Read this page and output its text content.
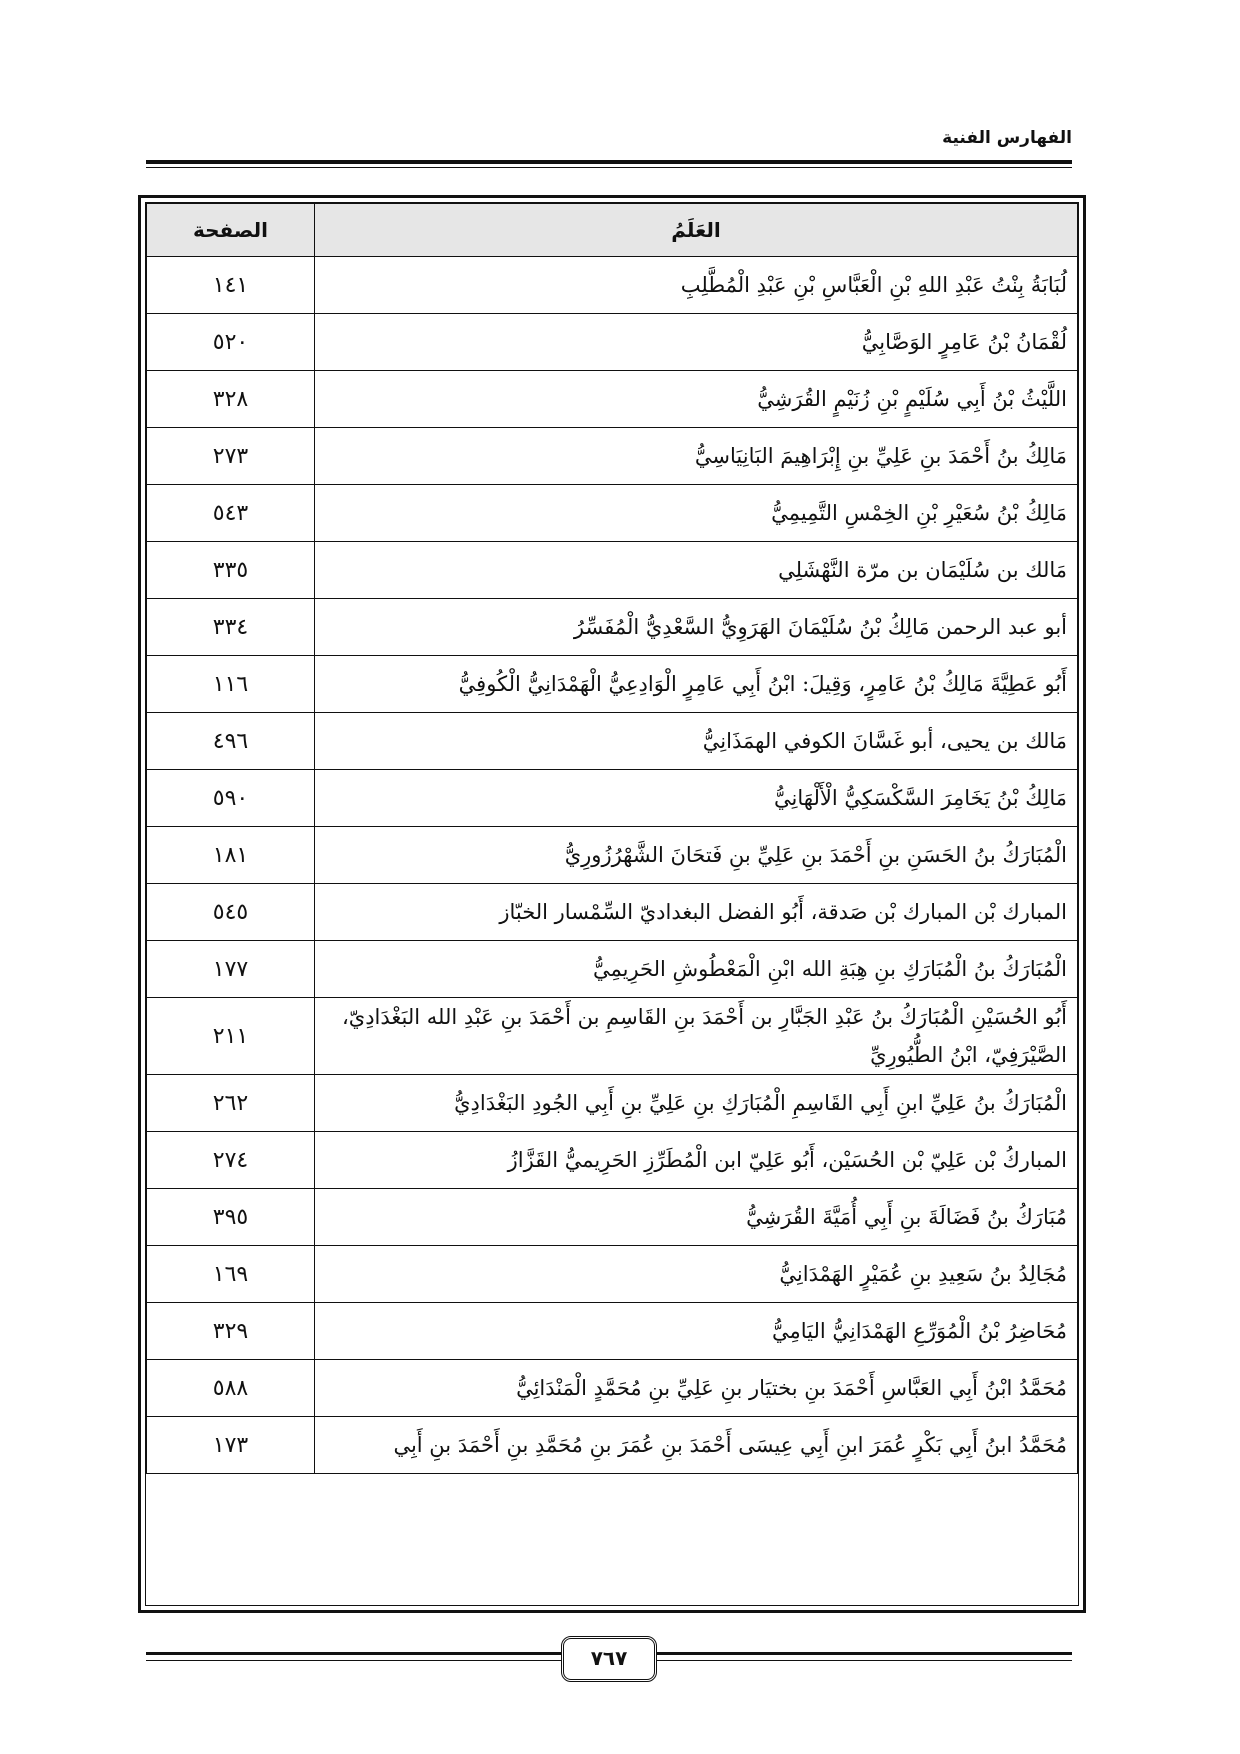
الفهارس الفنية
العَلَمُ	الصفحة
لُبَابَةُ بِنْتُ عَبْدِ اللهِ بْنِ الْعَبَّاسِ بْنِ عَبْدِ الْمُطَّلِبِ	١٤١
لُقْمَانُ بْنُ عَامِرٍ الوَصَّابِيُّ	٥٢٠
اللَّيْثُ بْنُ أَبِي سُلَيْمٍ بْنِ زُنَيْمٍ القُرَشِيُّ	٣٢٨
مَالِكُ بنُ أَحْمَدَ بنِ عَلِيِّ بنِ إِبْرَاهِيمَ البَانِيَاسِيُّ	٢٧٣
مَالِكُ بْنُ سُعَيْرِ بْنِ الخِمْسِ التَّمِيمِيُّ	٥٤٣
مَالك بن سُلَيْمَان بن مرّة النَّهْشَلِي	٣٣٥
أبو عبد الرحمن مَالِكُ بْنُ سُلَيْمَانَ الهَرَوِيُّ السَّعْدِيُّ الْمُفَسِّرُ	٣٣٤
أَبُو عَطِيَّةَ مَالِكُ بْنُ عَامِرٍ، وَقِيلَ: ابْنُ أَبِي عَامِرٍ الْوَادِعِيُّ الْهَمْدَانِيُّ الْكُوفِيُّ	١١٦
مَالك بن يحيى، أبو غَسَّانَ الكوفي الهمَذَانِيُّ	٤٩٦
مَالِكُ بْنُ يَخَامِرَ السَّكْسَكِيُّ الْأَلْهَانِيُّ	٥٩٠
الْمُبَارَكُ بنُ الحَسَنِ بنِ أَحْمَدَ بنِ عَلِيِّ بنِ فَتحَانَ الشَّهْرُزُورِيُّ	١٨١
المبارك بْن المبارك بْن صَدقة، أَبُو الفضل البغداديّ السِّمْسار الخبّاز	٥٤٥
الْمُبَارَكُ بنُ الْمُبَارَكِ بنِ هِبَةِ الله ابْنِ الْمَعْطُوشِ الحَرِيمِيُّ	١٧٧
أَبُو الحُسَيْنِ الْمُبَارَكُ بنُ عَبْدِ الجَبَّارِ بن أَحْمَدَ بنِ القَاسِمِ بن أَحْمَدَ بنِ عَبْدِ الله البَغْدَادِيّ، الصَّيْرَفِيّ، ابْنُ الطُّيُورِيِّ	٢١١
الْمُبَارَكُ بنُ عَلِيِّ ابنِ أَبِي القَاسِمِ الْمُبَارَكِ بنِ عَلِيِّ بنِ أَبِي الجُودِ البَغْدَادِيُّ	٢٦٢
المباركُ بْن عَلِيّ بْن الحُسَيْن، أَبُو عَلِيّ ابن الْمُطَرِّزِ الحَرِيميُّ القَزَّازُ	٢٧٤
مُبَارَكُ بنُ فَضَالَةَ بنِ أَبِي أُمَيَّةَ القُرَشِيُّ	٣٩٥
مُجَالِدُ بنُ سَعِيدِ بنِ عُمَيْرٍ الهَمْدَانِيُّ	١٦٩
مُحَاضِرُ بْنُ الْمُوَرِّعِ الهَمْدَانِيُّ اليَامِيُّ	٣٢٩
مُحَمَّدُ ابْنُ أَبِي العَبَّاسِ أَحْمَدَ بنِ بختيَار بنِ عَلِيِّ بنِ مُحَمَّدٍ الْمَنْدَائِيُّ	٥٨٨
مُحَمَّدُ ابنُ أَبِي بَكْرٍ عُمَرَ ابنِ أَبِي عِيسَى أَحْمَدَ بنِ عُمَرَ بنِ مُحَمَّدِ بنِ أَحْمَدَ بنِ أَبِي	١٧٣
٧٦٧
